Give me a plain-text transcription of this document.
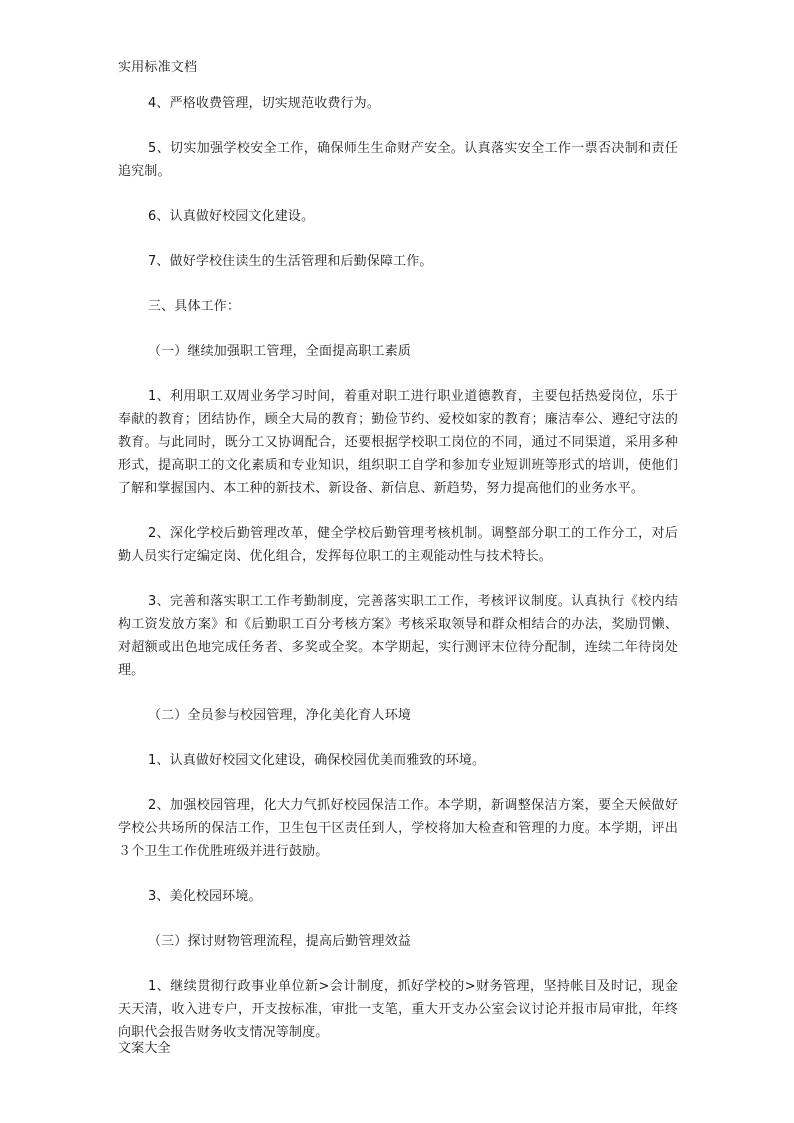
实用标准文档

4、严格收费管理，切实规范收费行为。

5、切实加强学校安全工作，确保师生生命财产安全。认真落实安全工作一票否决制和责任追究制。

6、认真做好校园文化建设。

7、做好学校住读生的生活管理和后勤保障工作。

三、具体工作：

（一）继续加强职工管理，全面提高职工素质

1、利用职工双周业务学习时间，着重对职工进行职业道德教育，主要包括热爱岗位，乐于奉献的教育；团结协作，顾全大局的教育；勤俭节约、爱校如家的教育；廉洁奉公、遵纪守法的教育。与此同时，既分工又协调配合，还要根据学校职工岗位的不同，通过不同渠道，采用多种形式，提高职工的文化素质和专业知识，组织职工自学和参加专业短训班等形式的培训，使他们了解和掌握国内、本工种的新技术、新设备、新信息、新趋势，努力提高他们的业务水平。

2、深化学校后勤管理改革，健全学校后勤管理考核机制。调整部分职工的工作分工，对后勤人员实行定编定岗、优化组合，发挥每位职工的主观能动性与技术特长。

3、完善和落实职工工作考勤制度，完善落实职工工作，考核评议制度。认真执行《校内结构工资发放方案》和《后勤职工百分考核方案》考核采取领导和群众相结合的办法，奖励罚懒、对超额或出色地完成任务者、多奖或全奖。本学期起，实行测评末位待分配制，连续二年待岗处理。

（二）全员参与校园管理，净化美化育人环境

1、认真做好校园文化建设，确保校园优美而雅致的环境。

2、加强校园管理，化大力气抓好校园保洁工作。本学期，新调整保洁方案，要全天候做好学校公共场所的保洁工作，卫生包干区责任到人，学校将加大检查和管理的力度。本学期，评出３个卫生工作优胜班级并进行鼓励。

3、美化校园环境。

（三）探讨财物管理流程，提高后勤管理效益

1、继续贯彻行政事业单位新>会计制度，抓好学校的>财务管理，坚持帐目及时记，现金天天清，收入进专户，开支按标准，审批一支笔，重大开支办公室会议讨论并报市局审批，年终向职代会报告财务收支情况等制度。

文案大全
